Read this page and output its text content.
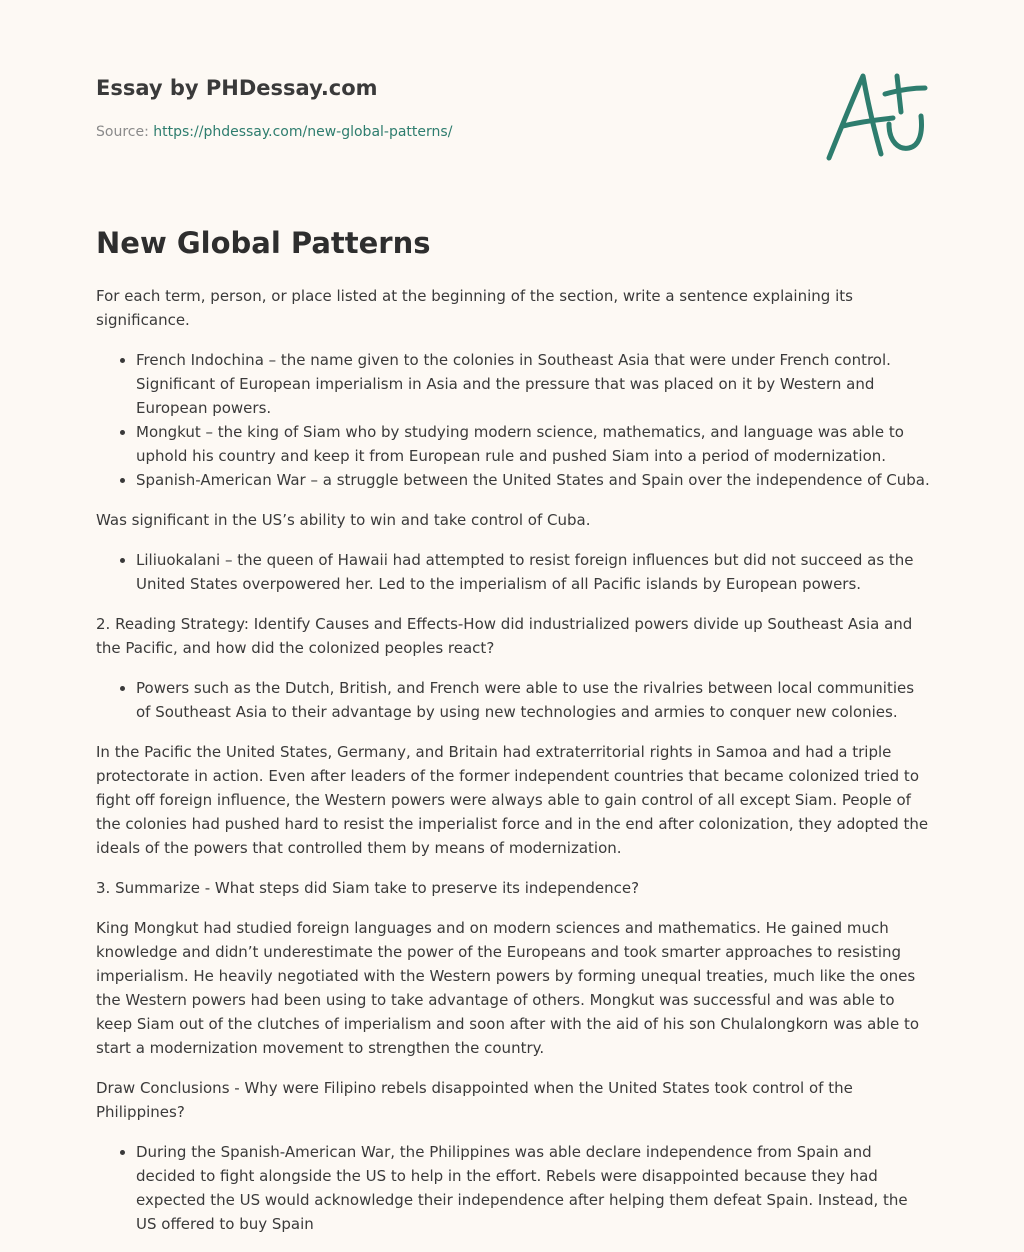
Essay by PHDessay.com
Source: https://phdessay.com/new-global-patterns/
New Global Patterns

For each term, person, or place listed at the beginning of the section, write a sentence explaining its significance.

• French Indochina – the name given to the colonies in Southeast Asia that were under French control. Significant of European imperialism in Asia and the pressure that was placed on it by Western and European powers.
• Mongkut – the king of Siam who by studying modern science, mathematics, and language was able to uphold his country and keep it from European rule and pushed Siam into a period of modernization.
• Spanish-American War – a struggle between the United States and Spain over the independence of Cuba.

Was significant in the US’s ability to win and take control of Cuba.

• Liliuokalani – the queen of Hawaii had attempted to resist foreign influences but did not succeed as the United States overpowered her. Led to the imperialism of all Pacific islands by European powers.

2. Reading Strategy: Identify Causes and Effects-How did industrialized powers divide up Southeast Asia and the Pacific, and how did the colonized peoples react?

• Powers such as the Dutch, British, and French were able to use the rivalries between local communities of Southeast Asia to their advantage by using new technologies and armies to conquer new colonies.

In the Pacific the United States, Germany, and Britain had extraterritorial rights in Samoa and had a triple protectorate in action. Even after leaders of the former independent countries that became colonized tried to fight off foreign influence, the Western powers were always able to gain control of all except Siam. People of the colonies had pushed hard to resist the imperialist force and in the end after colonization, they adopted the ideals of the powers that controlled them by means of modernization.

3. Summarize - What steps did Siam take to preserve its independence?

King Mongkut had studied foreign languages and on modern sciences and mathematics. He gained much knowledge and didn’t underestimate the power of the Europeans and took smarter approaches to resisting imperialism. He heavily negotiated with the Western powers by forming unequal treaties, much like the ones the Western powers had been using to take advantage of others. Mongkut was successful and was able to keep Siam out of the clutches of imperialism and soon after with the aid of his son Chulalongkorn was able to start a modernization movement to strengthen the country.

Draw Conclusions - Why were Filipino rebels disappointed when the United States took control of the Philippines?

• During the Spanish-American War, the Philippines was able declare independence from Spain and decided to fight alongside the US to help in the effort. Rebels were disappointed because they had expected the US would acknowledge their independence after helping them defeat Spain. Instead, the US offered to buy Spain
